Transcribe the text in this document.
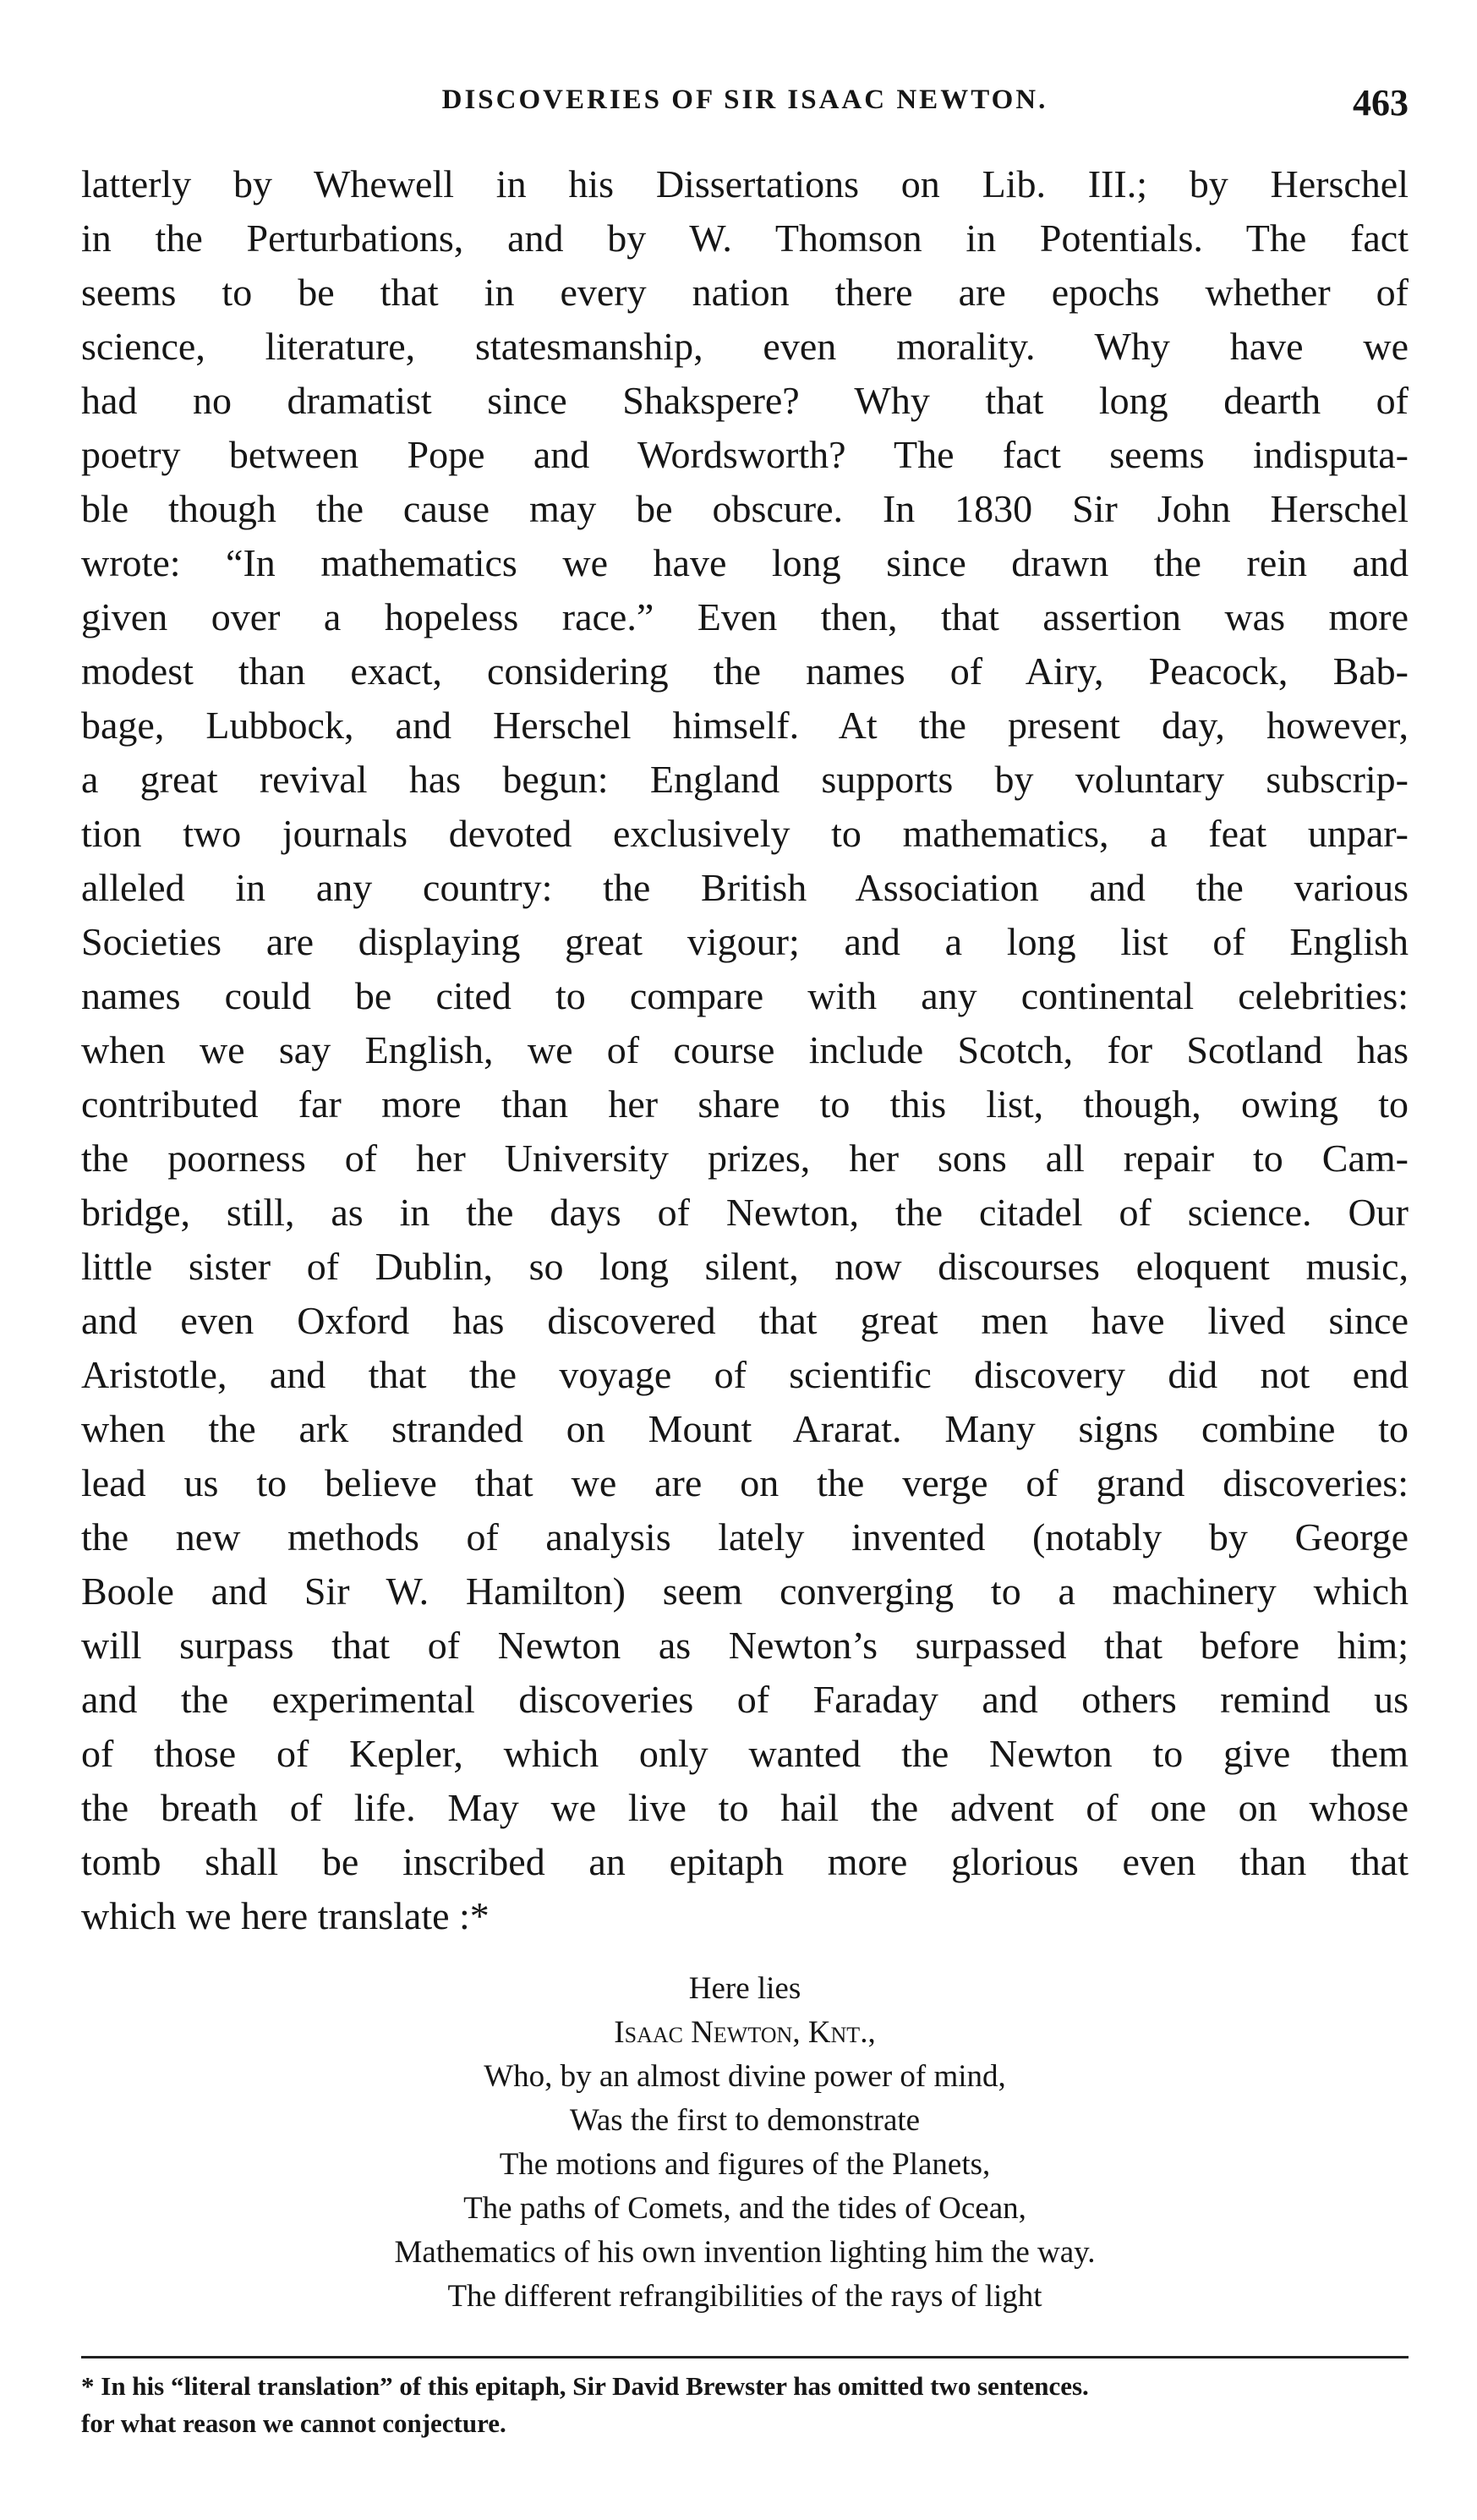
DISCOVERIES OF SIR ISAAC NEWTON.	463
latterly by Whewell in his Dissertations on Lib. III.; by Herschel
in the Perturbations, and by W. Thomson in Potentials. The fact
seems to be that in every nation there are epochs whether of
science, literature, statesmanship, even morality. Why have we
had no dramatist since Shakspere? Why that long dearth of
poetry between Pope and Wordsworth? The fact seems indisputa-
ble though the cause may be obscure. In 1830 Sir John Herschel
wrote: “In mathematics we have long since drawn the rein and
given over a hopeless race.” Even then, that assertion was more
modest than exact, considering the names of Airy, Peacock, Bab-
bage, Lubbock, and Herschel himself. At the present day, however,
a great revival has begun: England supports by voluntary subscrip-
tion two journals devoted exclusively to mathematics, a feat unpar-
alleled in any country: the British Association and the various
Societies are displaying great vigour; and a long list of English
names could be cited to compare with any continental celebrities:
when we say English, we of course include Scotch, for Scotland has
contributed far more than her share to this list, though, owing to
the poorness of her University prizes, her sons all repair to Cam-
bridge, still, as in the days of Newton, the citadel of science. Our
little sister of Dublin, so long silent, now discourses eloquent music,
and even Oxford has discovered that great men have lived since
Aristotle, and that the voyage of scientific discovery did not end
when the ark stranded on Mount Ararat. Many signs combine to
lead us to believe that we are on the verge of grand discoveries:
the new methods of analysis lately invented (notably by George
Boole and Sir W. Hamilton) seem converging to a machinery which
will surpass that of Newton as Newton’s surpassed that before him;
and the experimental discoveries of Faraday and others remind us
of those of Kepler, which only wanted the Newton to give them
the breath of life. May we live to hail the advent of one on whose
tomb shall be inscribed an epitaph more glorious even than that
which we here translate :*
Here lies
Isaac Newton, Knt.,
Who, by an almost divine power of mind,
Was the first to demonstrate
The motions and figures of the Planets,
The paths of Comets, and the tides of Ocean,
Mathematics of his own invention lighting him the way.
The different refrangibilities of the rays of light
* In his “literal translation” of this epitaph, Sir David Brewster has omitted two sentences.
for what reason we cannot conjecture.
